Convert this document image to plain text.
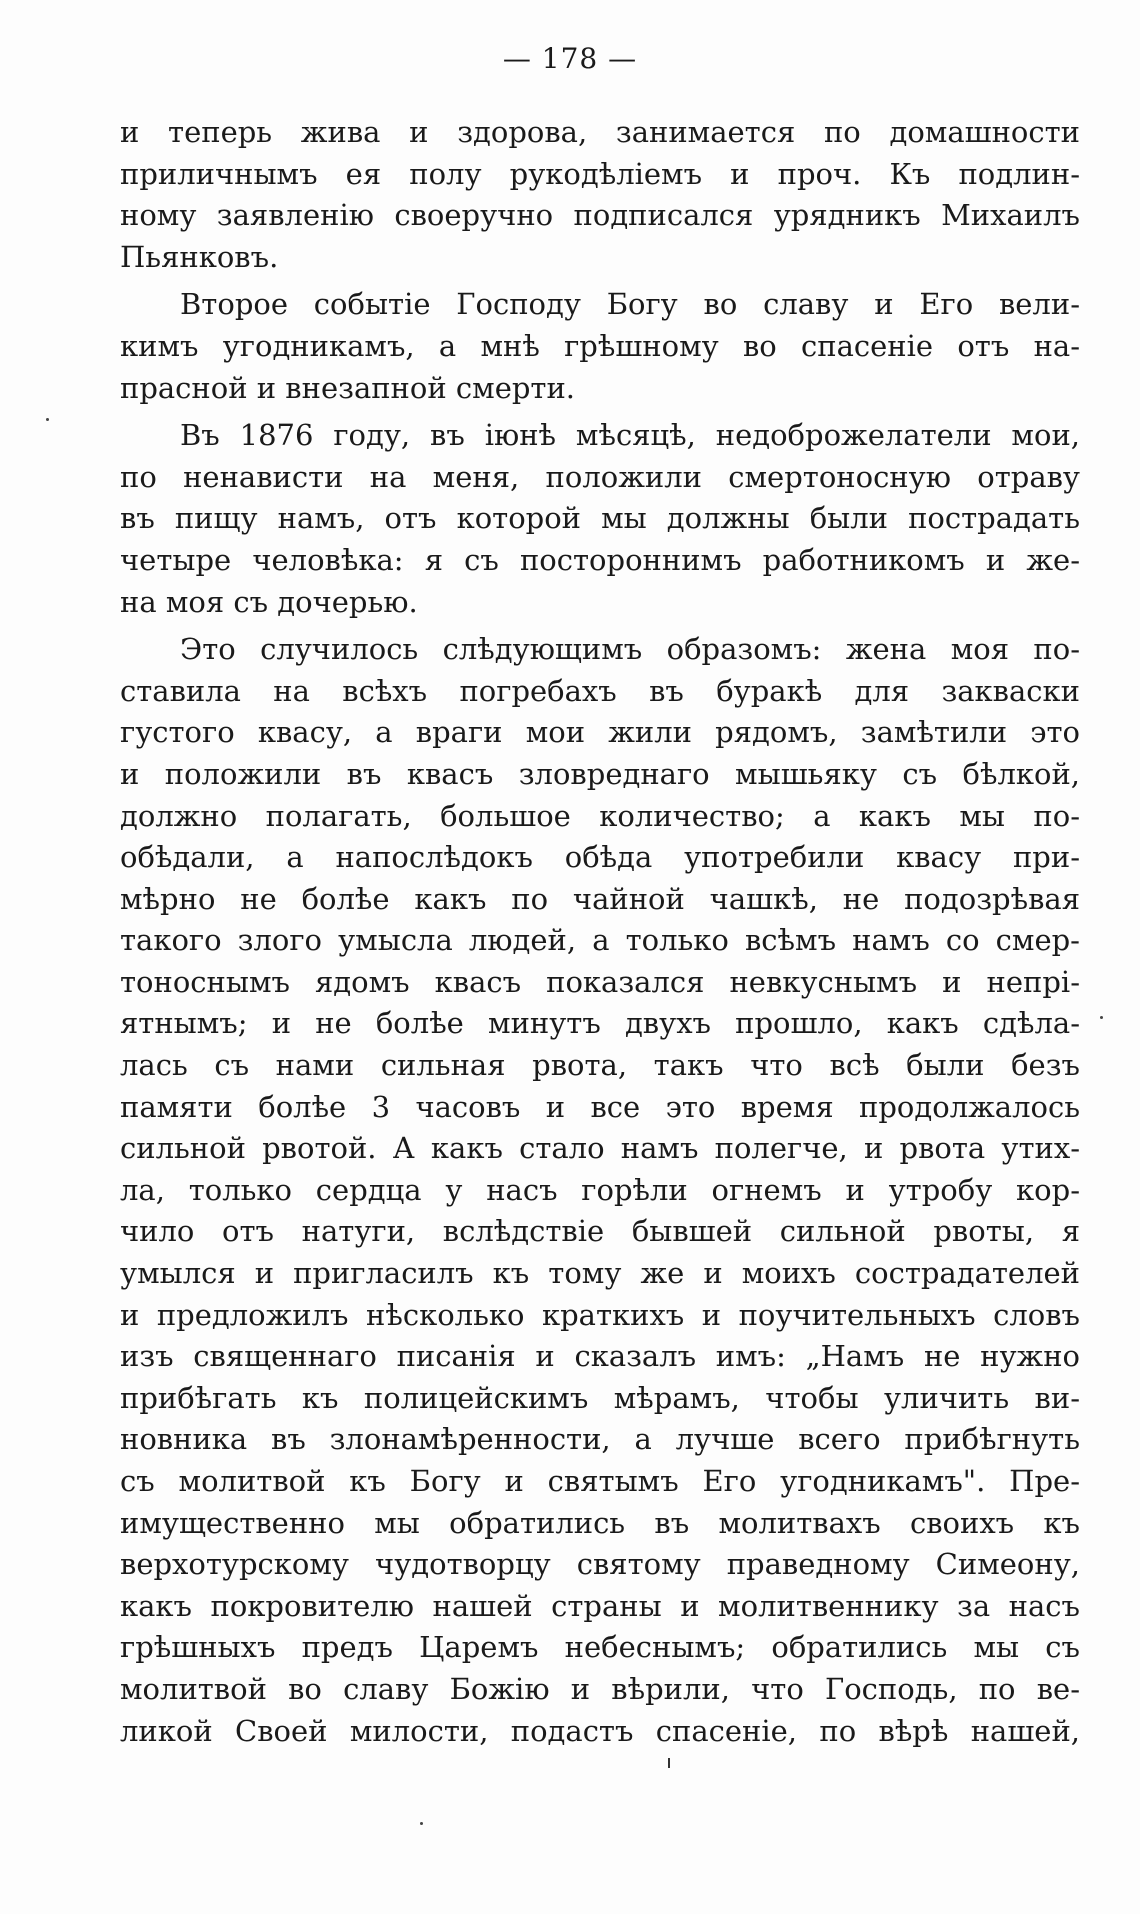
— 178 —
и теперь жива и здорова, занимается по домашности
приличнымъ ея полу рукодѣліемъ и проч. Къ подлин-
ному заявленію своеручно подписался урядникъ Михаилъ
Пьянковъ.
Второе событіе Господу Богу во славу и Его вели-
кимъ угодникамъ, а мнѣ грѣшному во спасеніе отъ на-
прасной и внезапной смерти.
Въ 1876 году, въ іюнѣ мѣсяцѣ, недоброжелатели мои,
по ненависти на меня, положили смертоносную отраву
въ пищу намъ, отъ которой мы должны были пострадать
четыре человѣка: я съ постороннимъ работникомъ и же-
на моя съ дочерью.
Это случилось слѣдующимъ образомъ: жена моя по-
ставила на всѣхъ погребахъ въ буракѣ для закваски
густого квасу, а враги мои жили рядомъ, замѣтили это
и положили въ квасъ зловреднаго мышьяку съ бѣлкой,
должно полагать, большое количество; а какъ мы по-
обѣдали, а напослѣдокъ обѣда употребили квасу при-
мѣрно не болѣе какъ по чайной чашкѣ, не подозрѣвая
такого злого умысла людей, а только всѣмъ намъ со смер-
тоноснымъ ядомъ квасъ показался невкуснымъ и непрі-
ятнымъ; и не болѣе минутъ двухъ прошло, какъ сдѣла-
лась съ нами сильная рвота, такъ что всѣ были безъ
памяти болѣе 3 часовъ и все это время продолжалось
сильной рвотой. А какъ стало намъ полегче, и рвота утих-
ла, только сердца у насъ горѣли огнемъ и утробу кор-
чило отъ натуги, вслѣдствіе бывшей сильной рвоты, я
умылся и пригласилъ къ тому же и моихъ сострадателей
и предложилъ нѣсколько краткихъ и поучительныхъ словъ
изъ священнаго писанія и сказалъ имъ: „Намъ не нужно
прибѣгать къ полицейскимъ мѣрамъ, чтобы уличить ви-
новника въ злонамѣренности, а лучше всего прибѣгнуть
съ молитвой къ Богу и святымъ Его угодникамъ". Пре-
имущественно мы обратились въ молитвахъ своихъ къ
верхотурскому чудотворцу святому праведному Симеону,
какъ покровителю нашей страны и молитвеннику за насъ
грѣшныхъ предъ Царемъ небеснымъ; обратились мы съ
молитвой во славу Божію и вѣрили, что Господь, по ве-
ликой Своей милости, подастъ спасеніе, по вѣрѣ нашей,
